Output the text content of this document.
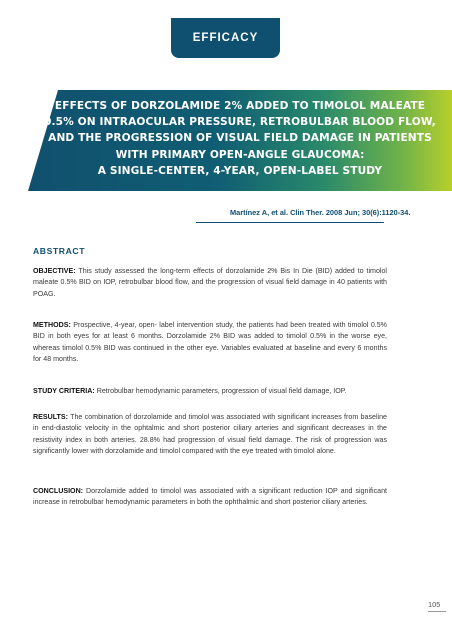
EFFICACY
EFFECTS OF DORZOLAMIDE 2% ADDED TO TIMOLOL MALEATE
0.5% ON INTRAOCULAR PRESSURE, RETROBULBAR BLOOD FLOW,
AND THE PROGRESSION OF VISUAL FIELD DAMAGE IN PATIENTS
WITH PRIMARY OPEN-ANGLE GLAUCOMA:
A SINGLE-CENTER, 4-YEAR, OPEN-LABEL STUDY
Martínez A, et al. Clin Ther. 2008 Jun; 30(6):1120-34.
ABSTRACT
OBJECTIVE: This study assessed the long-term effects of dorzolamide 2% Bis In Die (BID) added to timolol maleate 0.5% BID on IOP, retrobulbar blood flow, and the progression of visual field damage in 40 patients with POAG.
METHODS: Prospective, 4-year, open- label intervention study, the patients had been treated with timolol 0.5% BID in both eyes for at least 6 months. Dorzolamide 2% BID was added to timolol 0.5% in the worse eye, whereas timolol 0.5% BID was continued in the other eye. Variables evaluated at baseline and every 6 months for 48 months.
STUDY CRITERIA: Retrobulbar hemodynamic parameters, progression of visual field damage, IOP.
RESULTS: The combination of dorzolamide and timolol was associated with significant increases from baseline in end-diastolic velocity in the ophtalmic and short posterior ciliary arteries and significant decreases in the resistivity index in both arteries. 28.8% had progression of visual field damage. The risk of progression was significantly lower with dorzolamide and timolol compared with the eye treated with timolol alone.
CONCLUSION: Dorzolamide added to timolol was associated with a significant reduction IOP and significant increase in retrobulbar hemodynamic parameters in both the ophthalmic and short posterior ciliary arteries.
105
